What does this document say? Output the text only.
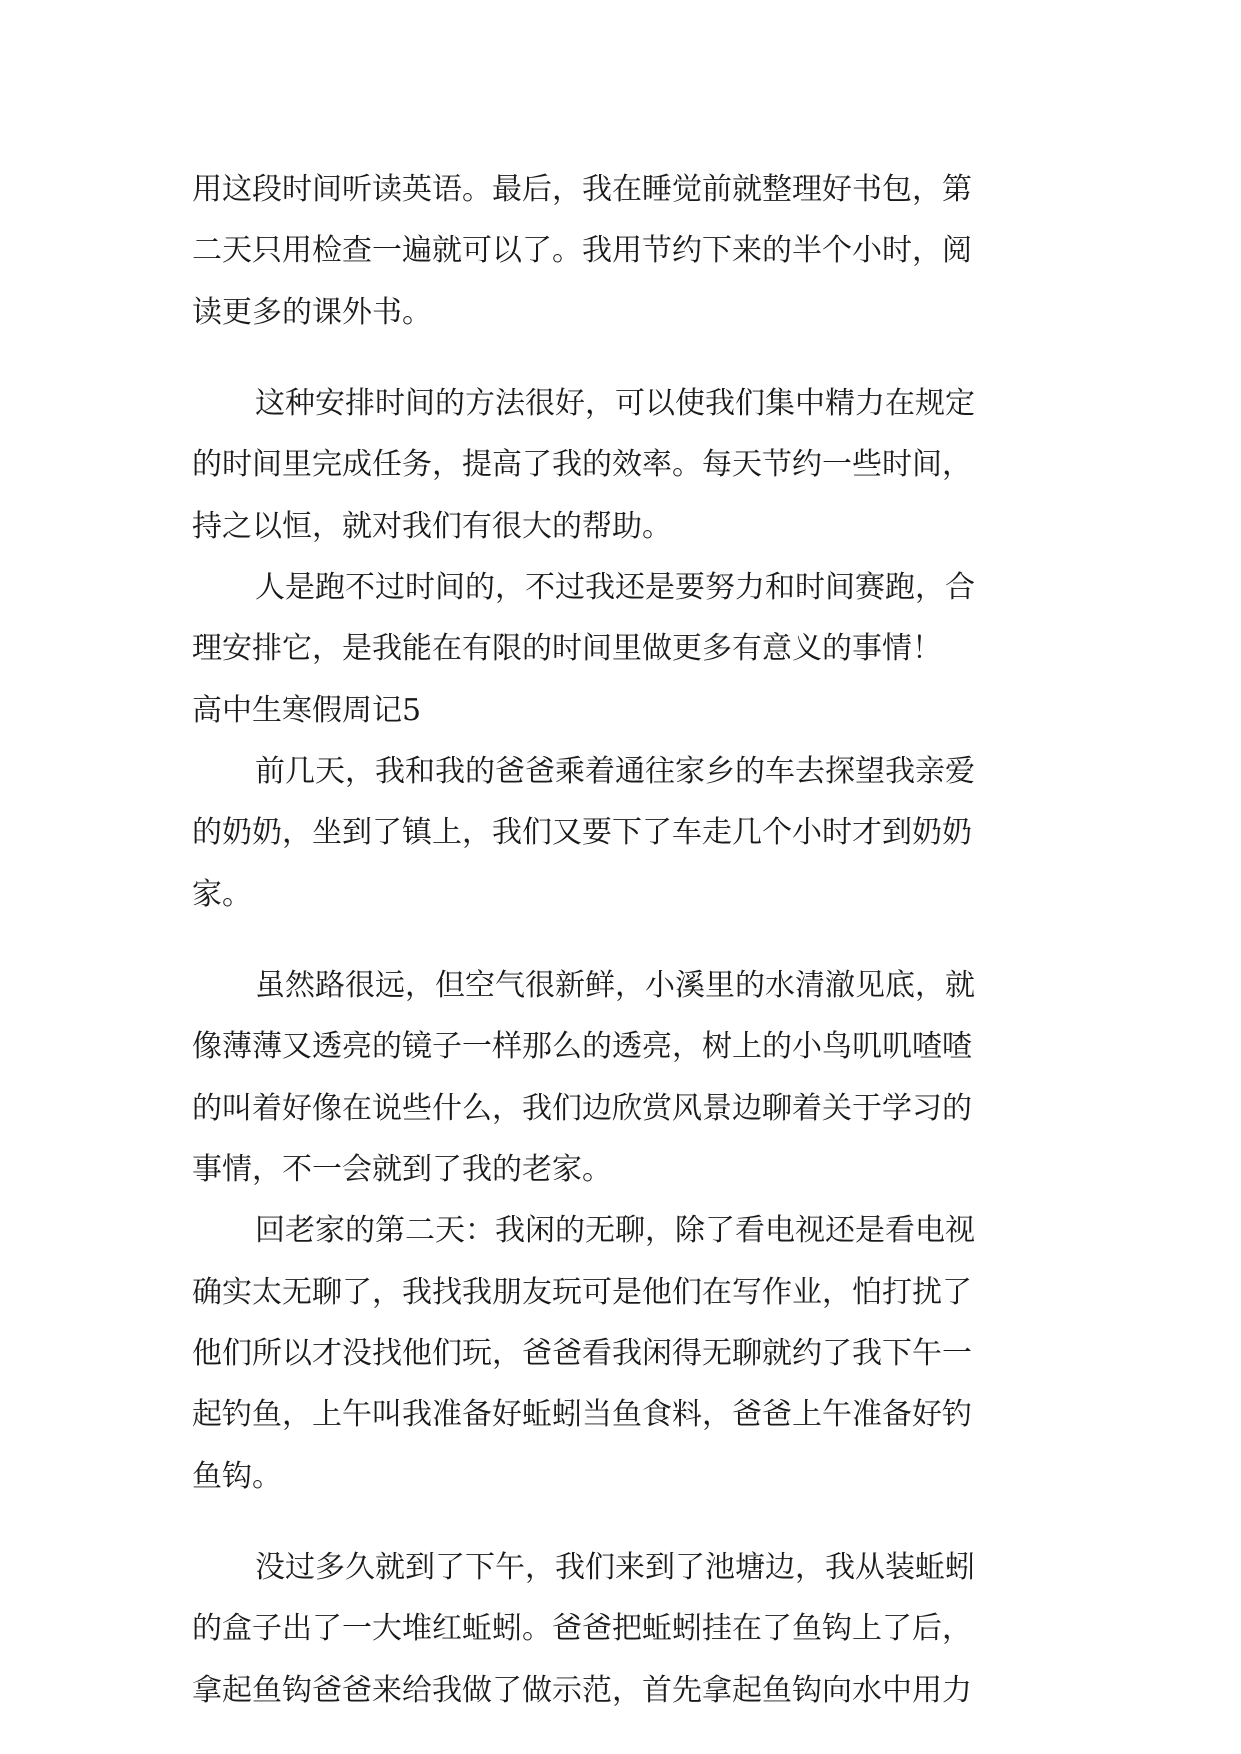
用这段时间听读英语。最后，我在睡觉前就整理好书包，第
二天只用检查一遍就可以了。我用节约下来的半个小时，阅
读更多的课外书。
这种安排时间的方法很好，可以使我们集中精力在规定
的时间里完成任务，提高了我的效率。每天节约一些时间，
持之以恒，就对我们有很大的帮助。
人是跑不过时间的，不过我还是要努力和时间赛跑，合
理安排它，是我能在有限的时间里做更多有意义的事情！
高中生寒假周记5
前几天，我和我的爸爸乘着通往家乡的车去探望我亲爱
的奶奶，坐到了镇上，我们又要下了车走几个小时才到奶奶
家。
虽然路很远，但空气很新鲜，小溪里的水清澈见底，就
像薄薄又透亮的镜子一样那么的透亮，树上的小鸟叽叽喳喳
的叫着好像在说些什么，我们边欣赏风景边聊着关于学习的
事情，不一会就到了我的老家。
回老家的第二天：我闲的无聊，除了看电视还是看电视
确实太无聊了，我找我朋友玩可是他们在写作业，怕打扰了
他们所以才没找他们玩，爸爸看我闲得无聊就约了我下午一
起钓鱼，上午叫我准备好蚯蚓当鱼食料，爸爸上午准备好钓
鱼钩。
没过多久就到了下午，我们来到了池塘边，我从装蚯蚓
的盒子出了一大堆红蚯蚓。爸爸把蚯蚓挂在了鱼钩上了后，
拿起鱼钩爸爸来给我做了做示范，首先拿起鱼钩向水中用力
